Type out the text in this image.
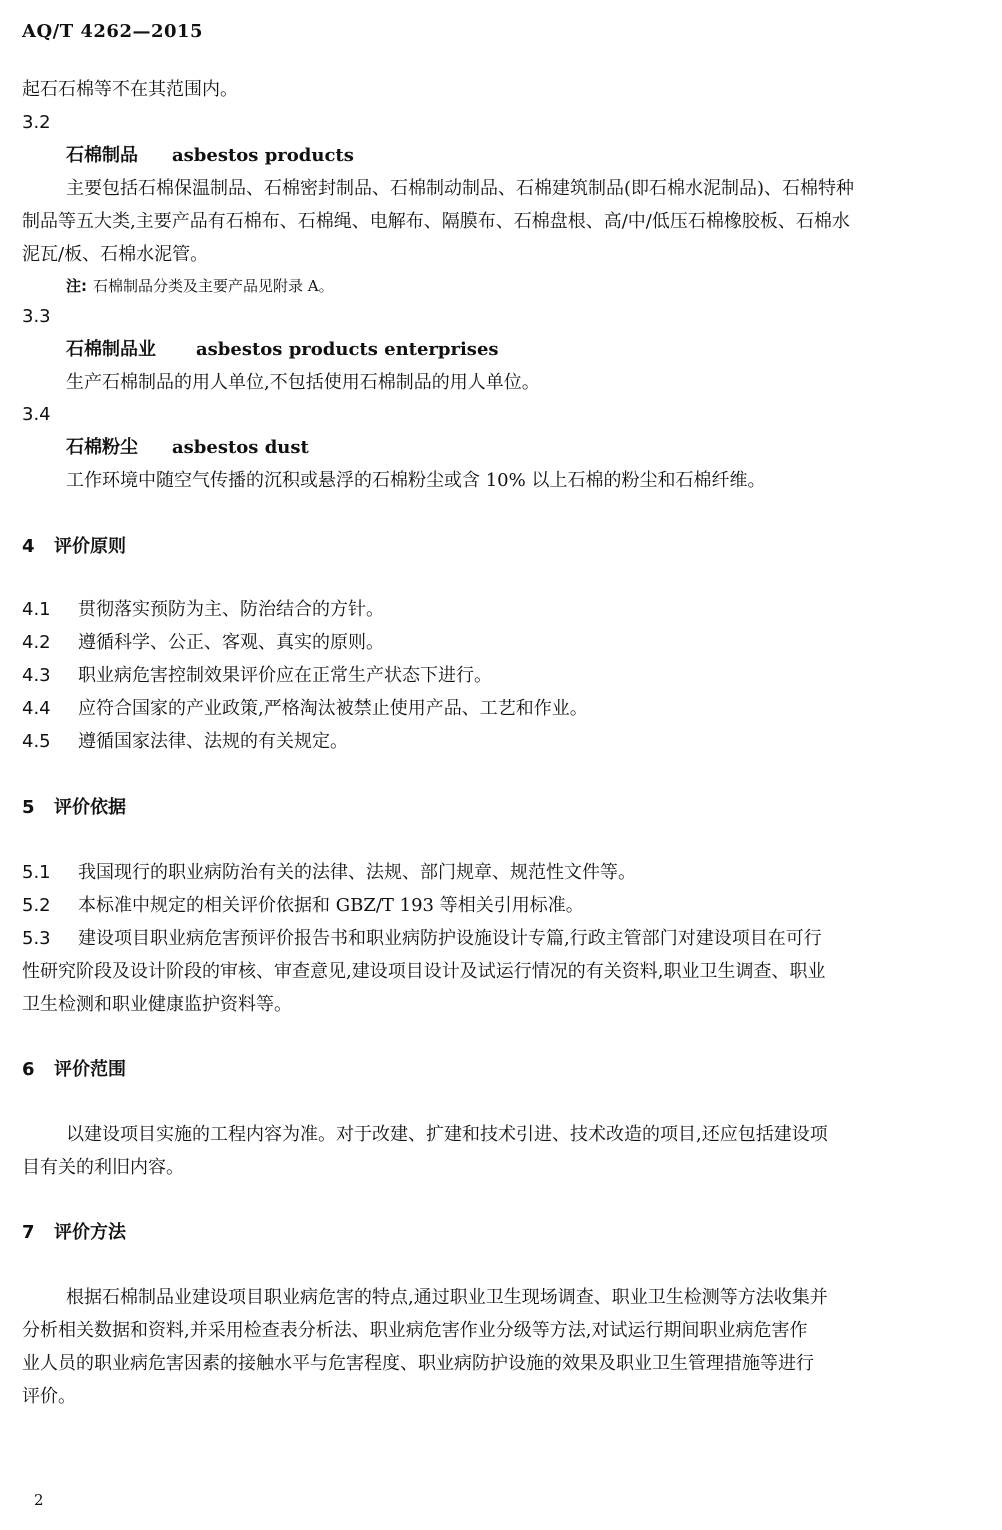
AQ/T 4262—2015
起石石棉等不在其范围内。
3.2
石棉制品 asbestos products
主要包括石棉保温制品、石棉密封制品、石棉制动制品、石棉建筑制品(即石棉水泥制品)、石棉特种
制品等五大类,主要产品有石棉布、石棉绳、电解布、隔膜布、石棉盘根、高/中/低压石棉橡胶板、石棉水
泥瓦/板、石棉水泥管。
注: 石棉制品分类及主要产品见附录 A。
3.3
石棉制品业 asbestos products enterprises
生产石棉制品的用人单位,不包括使用石棉制品的用人单位。
3.4
石棉粉尘 asbestos dust
工作环境中随空气传播的沉积或悬浮的石棉粉尘或含 10% 以上石棉的粉尘和石棉纤维。
4 评价原则
4.1 贯彻落实预防为主、防治结合的方针。
4.2 遵循科学、公正、客观、真实的原则。
4.3 职业病危害控制效果评价应在正常生产状态下进行。
4.4 应符合国家的产业政策,严格淘汰被禁止使用产品、工艺和作业。
4.5 遵循国家法律、法规的有关规定。
5 评价依据
5.1 我国现行的职业病防治有关的法律、法规、部门规章、规范性文件等。
5.2 本标准中规定的相关评价依据和 GBZ/T 193 等相关引用标准。
5.3 建设项目职业病危害预评价报告书和职业病防护设施设计专篇,行政主管部门对建设项目在可行
性研究阶段及设计阶段的审核、审查意见,建设项目设计及试运行情况的有关资料,职业卫生调查、职业
卫生检测和职业健康监护资料等。
6 评价范围
以建设项目实施的工程内容为准。对于改建、扩建和技术引进、技术改造的项目,还应包括建设项
目有关的利旧内容。
7 评价方法
根据石棉制品业建设项目职业病危害的特点,通过职业卫生现场调查、职业卫生检测等方法收集并
分析相关数据和资料,并采用检查表分析法、职业病危害作业分级等方法,对试运行期间职业病危害作
业人员的职业病危害因素的接触水平与危害程度、职业病防护设施的效果及职业卫生管理措施等进行
评价。
2
